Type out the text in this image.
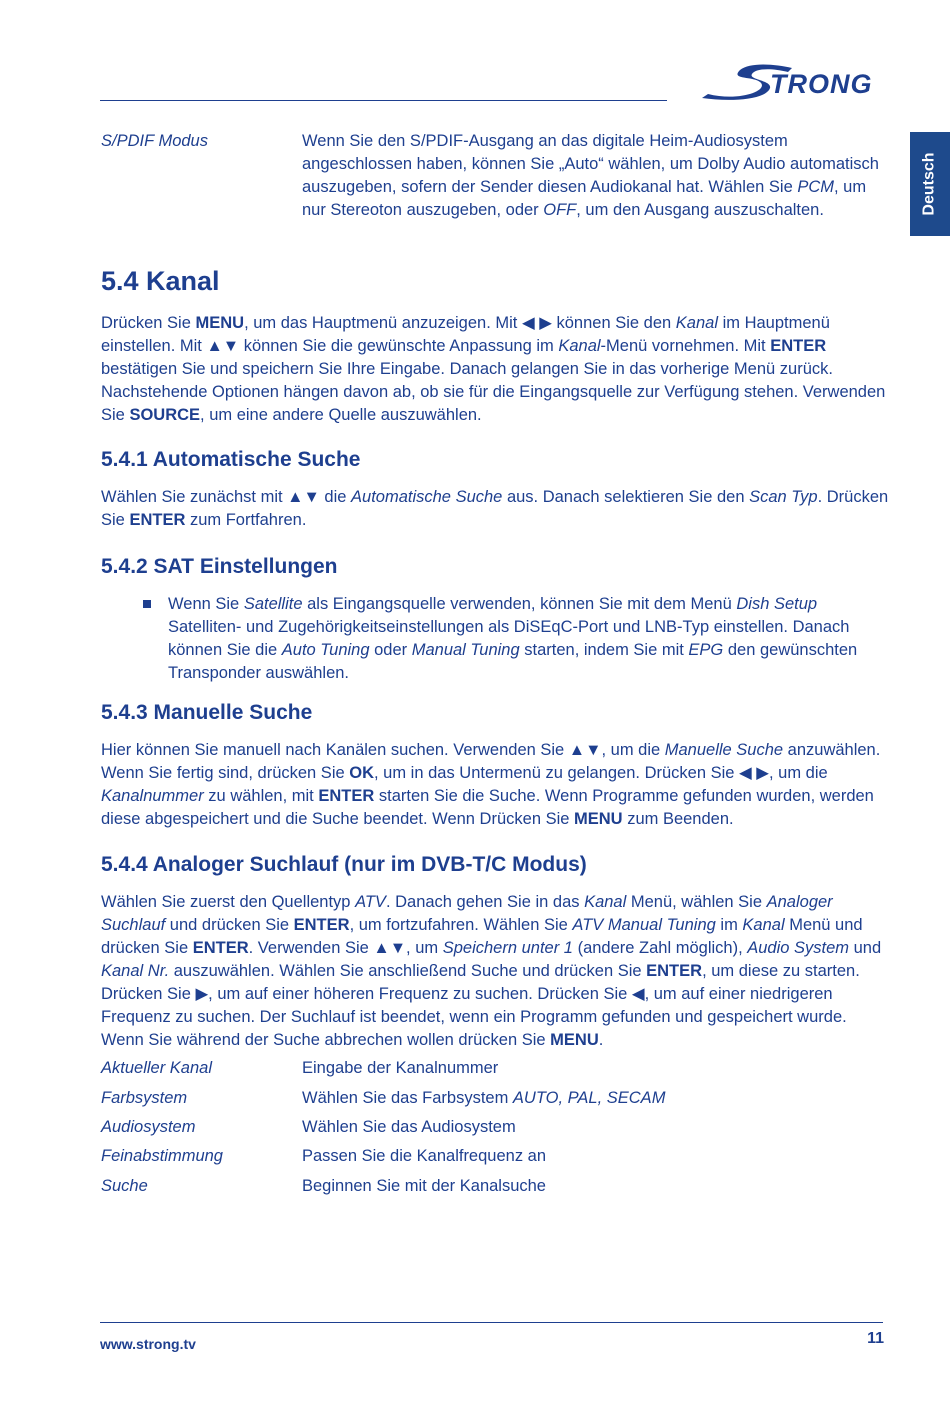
TRONG
Deutsch
S/PDIF Modus	Wenn Sie den S/PDIF-Ausgang an das digitale Heim-Audiosystem angeschlossen haben, können Sie „Auto“ wählen, um Dolby Audio automatisch auszugeben, sofern der Sender diesen Audiokanal hat. Wählen Sie PCM, um nur Stereoton auszugeben, oder OFF, um den Ausgang auszuschalten.
5.4 Kanal

Drücken Sie MENU, um das Hauptmenü anzuzeigen. Mit ◀ ▶ können Sie den Kanal im Hauptmenü einstellen. Mit ▲▼ können Sie die gewünschte Anpassung im Kanal-Menü vornehmen. Mit ENTER bestätigen Sie und speichern Sie Ihre Eingabe. Danach gelangen Sie in das vorherige Menü zurück. Nachstehende Optionen hängen davon ab, ob sie für die Eingangsquelle zur Verfügung stehen. Verwenden Sie SOURCE, um eine andere Quelle auszuwählen.

5.4.1 Automatische Suche

Wählen Sie zunächst mit ▲▼ die Automatische Suche aus. Danach selektieren Sie den Scan Typ. Drücken Sie ENTER zum Fortfahren.

5.4.2 SAT Einstellungen

Wenn Sie Satellite als Eingangsquelle verwenden, können Sie mit dem Menü Dish Setup Satelliten- und Zugehörigkeitseinstellungen als DiSEqC-Port und LNB-Typ einstellen. Danach können Sie die Auto Tuning oder Manual Tuning starten, indem Sie mit EPG den gewünschten Transponder auswählen.

5.4.3 Manuelle Suche

Hier können Sie manuell nach Kanälen suchen. Verwenden Sie ▲▼, um die Manuelle Suche anzuwählen. Wenn Sie fertig sind, drücken Sie OK, um in das Untermenü zu gelangen. Drücken Sie ◀ ▶, um die Kanalnummer zu wählen, mit ENTER starten Sie die Suche. Wenn Programme gefunden wurden, werden diese abgespeichert und die Suche beendet. Wenn Drücken Sie MENU zum Beenden.

5.4.4 Analoger Suchlauf (nur im DVB-T/C Modus)

Wählen Sie zuerst den Quellentyp ATV. Danach gehen Sie in das Kanal Menü, wählen Sie Analoger Suchlauf und drücken Sie ENTER, um fortzufahren. Wählen Sie ATV Manual Tuning im Kanal Menü und drücken Sie ENTER. Verwenden Sie ▲▼, um Speichern unter 1 (andere Zahl möglich), Audio System und Kanal Nr. auszuwählen. Wählen Sie anschließend Suche und drücken Sie ENTER, um diese zu starten. Drücken Sie ▶, um auf einer höheren Frequenz zu suchen. Drücken Sie ◀, um auf einer niedrigeren Frequenz zu suchen. Der Suchlauf ist beendet, wenn ein Programm gefunden und gespeichert wurde. Wenn Sie während der Suche abbrechen wollen drücken Sie MENU.

Aktueller Kanal	Eingabe der Kanalnummer
Farbsystem	Wählen Sie das Farbsystem AUTO, PAL, SECAM
Audiosystem	Wählen Sie das Audiosystem
Feinabstimmung	Passen Sie die Kanalfrequenz an
Suche	Beginnen Sie mit der Kanalsuche
www.strong.tv	11
